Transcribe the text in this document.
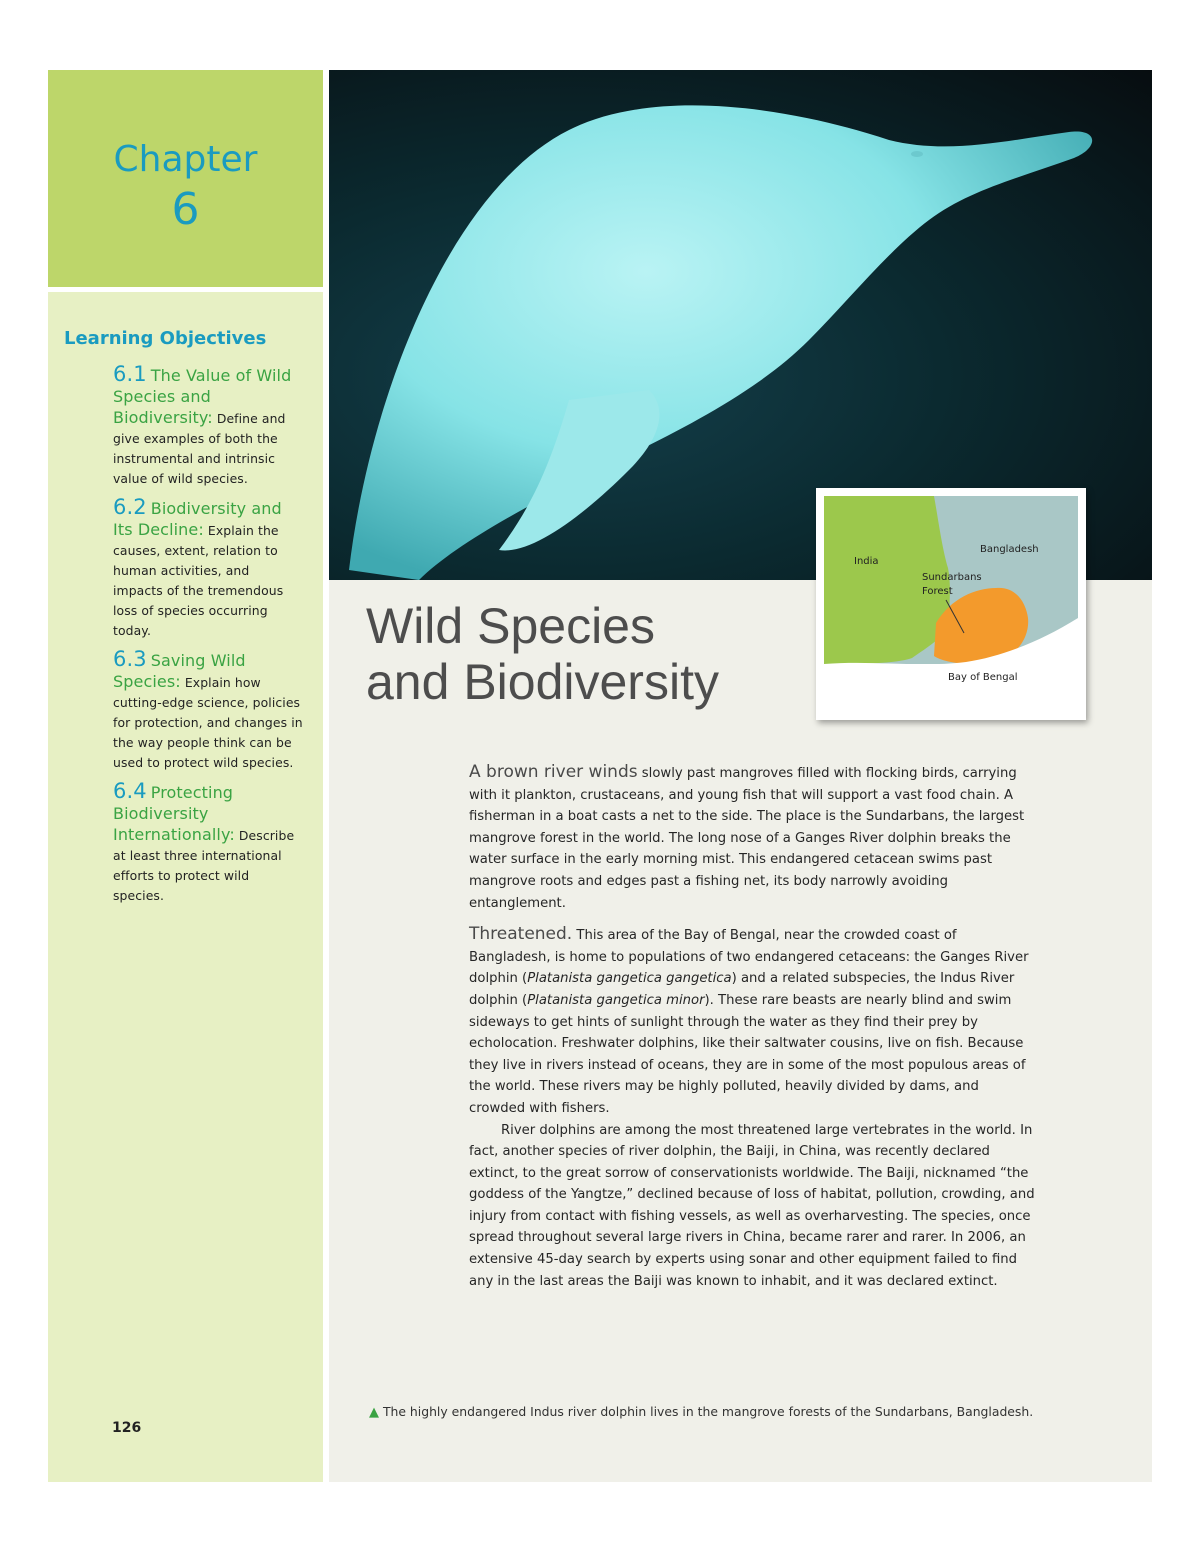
Chapter
6
Learning Objectives
6.1 The Value of Wild Species and Biodiversity: Define and give examples of both the instrumental and intrinsic value of wild species.
6.2 Biodiversity and Its Decline: Explain the causes, extent, relation to human activities, and impacts of the tremendous loss of species occurring today.
6.3 Saving Wild Species: Explain how cutting-edge science, policies for protection, and changes in the way people think can be used to protect wild species.
6.4 Protecting Biodiversity Internationally: Describe at least three international efforts to protect wild species.
126
Wild Species
and Biodiversity
India
Bangladesh
Sundarbans
Forest
Bay of Bengal

A brown river winds slowly past mangroves filled with flocking birds, carrying with it plankton, crustaceans, and young fish that will support a vast food chain. A fisherman in a boat casts a net to the side. The place is the Sundarbans, the largest mangrove forest in the world. The long nose of a Ganges River dolphin breaks the water surface in the early morning mist. This endangered cetacean swims past mangrove roots and edges past a fishing net, its body narrowly avoiding entanglement.

Threatened. This area of the Bay of Bengal, near the crowded coast of Bangladesh, is home to populations of two endangered cetaceans: the Ganges River dolphin (Platanista gangetica gangetica) and a related subspecies, the Indus River dolphin (Platanista gangetica minor). These rare beasts are nearly blind and swim sideways to get hints of sunlight through the water as they find their prey by echolocation. Freshwater dolphins, like their saltwater cousins, live on fish. Because they live in rivers instead of oceans, they are in some of the most populous areas of the world. These rivers may be highly polluted, heavily divided by dams, and crowded with fishers.

River dolphins are among the most threatened large vertebrates in the world. In fact, another species of river dolphin, the Baiji, in China, was recently declared extinct, to the great sorrow of conservationists worldwide. The Baiji, nicknamed “the goddess of the Yangtze,” declined because of loss of habitat, pollution, crowding, and injury from contact with fishing vessels, as well as overharvesting. The species, once spread throughout several large rivers in China, became rarer and rarer. In 2006, an extensive 45-day search by experts using sonar and other equipment failed to find any in the last areas the Baiji was known to inhabit, and it was declared extinct.

▲ The highly endangered Indus river dolphin lives in the mangrove forests of the Sundarbans, Bangladesh.
